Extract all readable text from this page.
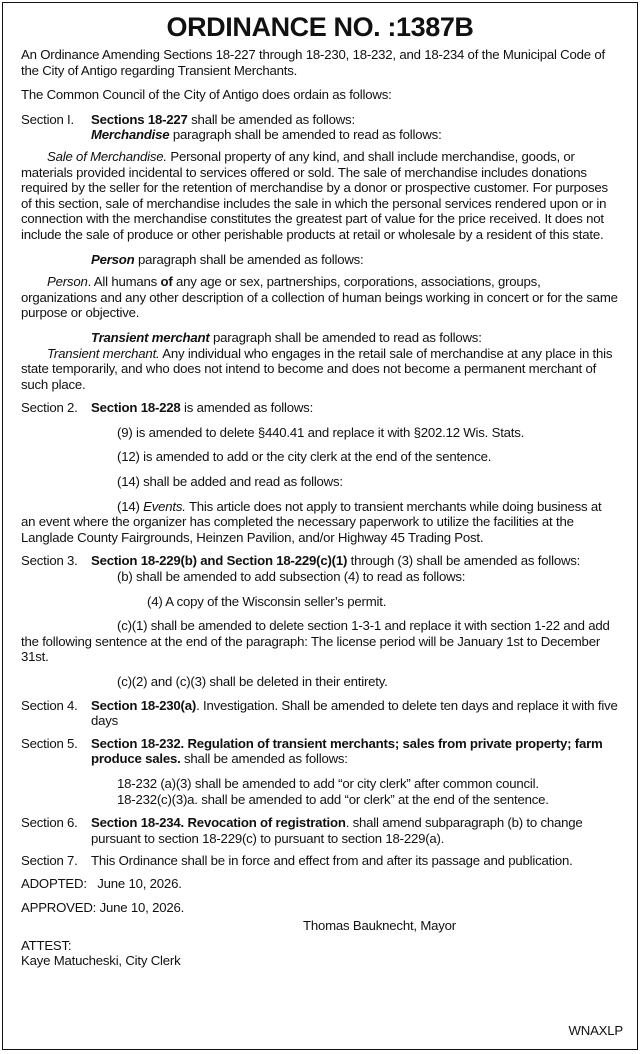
ORDINANCE NO. :1387B

An Ordinance Amending Sections 18-227 through 18-230, 18-232, and 18-234 of the Municipal Code of the City of Antigo regarding Transient Merchants.

The Common Council of the City of Antigo does ordain as follows:

Section I.	Sections 18-227 shall be amended as follows:

Merchandise paragraph shall be amended to read as follows:

Sale of Merchandise. Personal property of any kind, and shall include merchandise, goods, or materials provided incidental to services offered or sold. The sale of merchandise includes donations required by the seller for the retention of merchandise by a donor or prospective customer. For purposes of this section, sale of merchandise includes the sale in which the personal services rendered upon or in connection with the merchandise constitutes the greatest part of value for the price received. It does not include the sale of produce or other perishable products at retail or wholesale by a resident of this state.

Person paragraph shall be amended as follows:

Person. All humans of any age or sex, partnerships, corporations, associations, groups, organizations and any other description of a collection of human beings working in concert or for the same purpose or objective.

Transient merchant paragraph shall be amended to read as follows:

Transient merchant. Any individual who engages in the retail sale of merchandise at any place in this state temporarily, and who does not intend to become and does not become a permanent merchant of such place.

Section 2.	Section 18-228 is amended as follows:

(9) is amended to delete §440.41 and replace it with §202.12 Wis. Stats.

(12) is amended to add or the city clerk at the end of the sentence.

(14) shall be added and read as follows:

(14) Events. This article does not apply to transient merchants while doing business at an event where the organizer has completed the necessary paperwork to utilize the facilities at the Langlade County Fairgrounds, Heinzen Pavilion, and/or Highway 45 Trading Post.

Section 3.	Section 18-229(b) and Section 18-229(c)(1) through (3) shall be amended as follows:

(b) shall be amended to add subsection (4) to read as follows:

(4) A copy of the Wisconsin seller’s permit.

(c)(1) shall be amended to delete section 1-3-1 and replace it with section 1-22 and add the following sentence at the end of the paragraph: The license period will be January 1st to December 31st.

(c)(2) and (c)(3) shall be deleted in their entirety.

Section 4.	Section 18-230(a). Investigation. Shall be amended to delete ten days and replace it with five days

Section 5.	Section 18-232. Regulation of transient merchants; sales from private property; farm produce sales. shall be amended as follows:

18-232 (a)(3) shall be amended to add “or city clerk” after common council.

18-232(c)(3)a. shall be amended to add “or clerk” at the end of the sentence.

Section 6.	Section 18-234. Revocation of registration. shall amend subparagraph (b) to change pursuant to section 18-229(c) to pursuant to section 18-229(a).

Section 7.	This Ordinance shall be in force and effect from and after its passage and publication.

ADOPTED:   June 10, 2026.

APPROVED: June 10, 2026.

Thomas Bauknecht, Mayor

ATTEST:

Kaye Matucheski, City Clerk

WNAXLP
